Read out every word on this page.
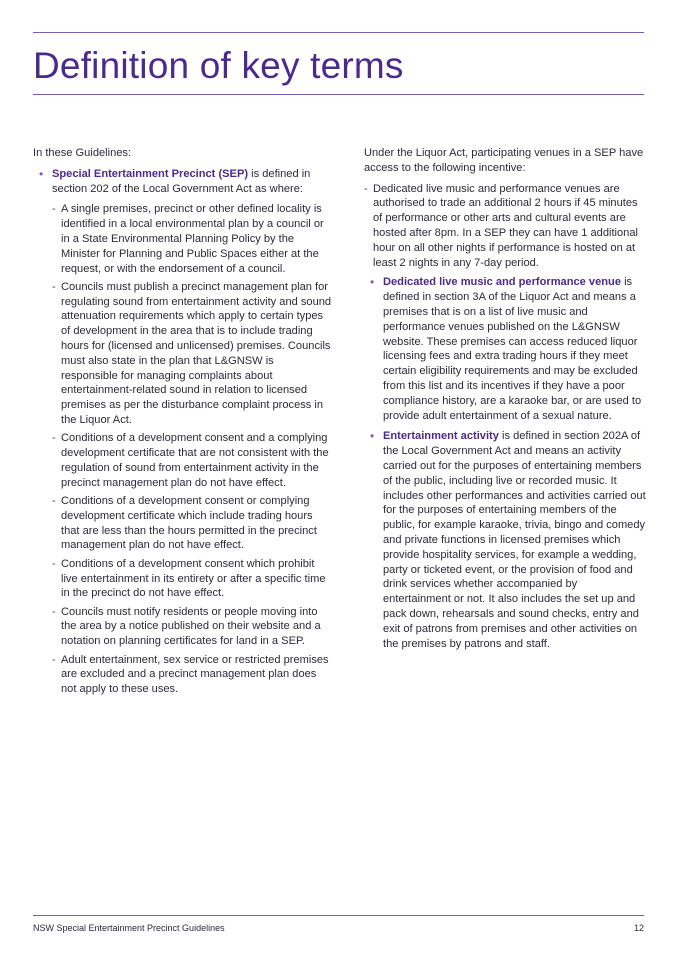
Definition of key terms

In these Guidelines:

• Special Entertainment Precinct (SEP) is defined in section 202 of the Local Government Act as where:
- A single premises, precinct or other defined locality is identified in a local environmental plan by a council or in a State Environmental Planning Policy by the Minister for Planning and Public Spaces either at the request, or with the endorsement of a council.
- Councils must publish a precinct management plan for regulating sound from entertainment activity and sound attenuation requirements which apply to certain types of development in the area that is to include trading hours for (licensed and unlicensed) premises. Councils must also state in the plan that L&GNSW is responsible for managing complaints about entertainment-related sound in relation to licensed premises as per the disturbance complaint process in the Liquor Act.
- Conditions of a development consent and a complying development certificate that are not consistent with the regulation of sound from entertainment activity in the precinct management plan do not have effect.
- Conditions of a development consent or complying development certificate which include trading hours that are less than the hours permitted in the precinct management plan do not have effect.
- Conditions of a development consent which prohibit live entertainment in its entirety or after a specific time in the precinct do not have effect.
- Councils must notify residents or people moving into the area by a notice published on their website and a notation on planning certificates for land in a SEP.
- Adult entertainment, sex service or restricted premises are excluded and a precinct management plan does not apply to these uses.

Under the Liquor Act, participating venues in a SEP have access to the following incentive:

- Dedicated live music and performance venues are authorised to trade an additional 2 hours if 45 minutes of performance or other arts and cultural events are hosted after 8pm. In a SEP they can have 1 additional hour on all other nights if performance is hosted on at least 2 nights in any 7-day period.
• Dedicated live music and performance venue is defined in section 3A of the Liquor Act and means a premises that is on a list of live music and performance venues published on the L&GNSW website. These premises can access reduced liquor licensing fees and extra trading hours if they meet certain eligibility requirements and may be excluded from this list and its incentives if they have a poor compliance history, are a karaoke bar, or are used to provide adult entertainment of a sexual nature.
• Entertainment activity is defined in section 202A of the Local Government Act and means an activity carried out for the purposes of entertaining members of the public, including live or recorded music. It includes other performances and activities carried out for the purposes of entertaining members of the public, for example karaoke, trivia, bingo and comedy and private functions in licensed premises which provide hospitality services, for example a wedding, party or ticketed event, or the provision of food and drink services whether accompanied by entertainment or not. It also includes the set up and pack down, rehearsals and sound checks, entry and exit of patrons from premises and other activities on the premises by patrons and staff.
NSW Special Entertainment Precinct Guidelines	12
